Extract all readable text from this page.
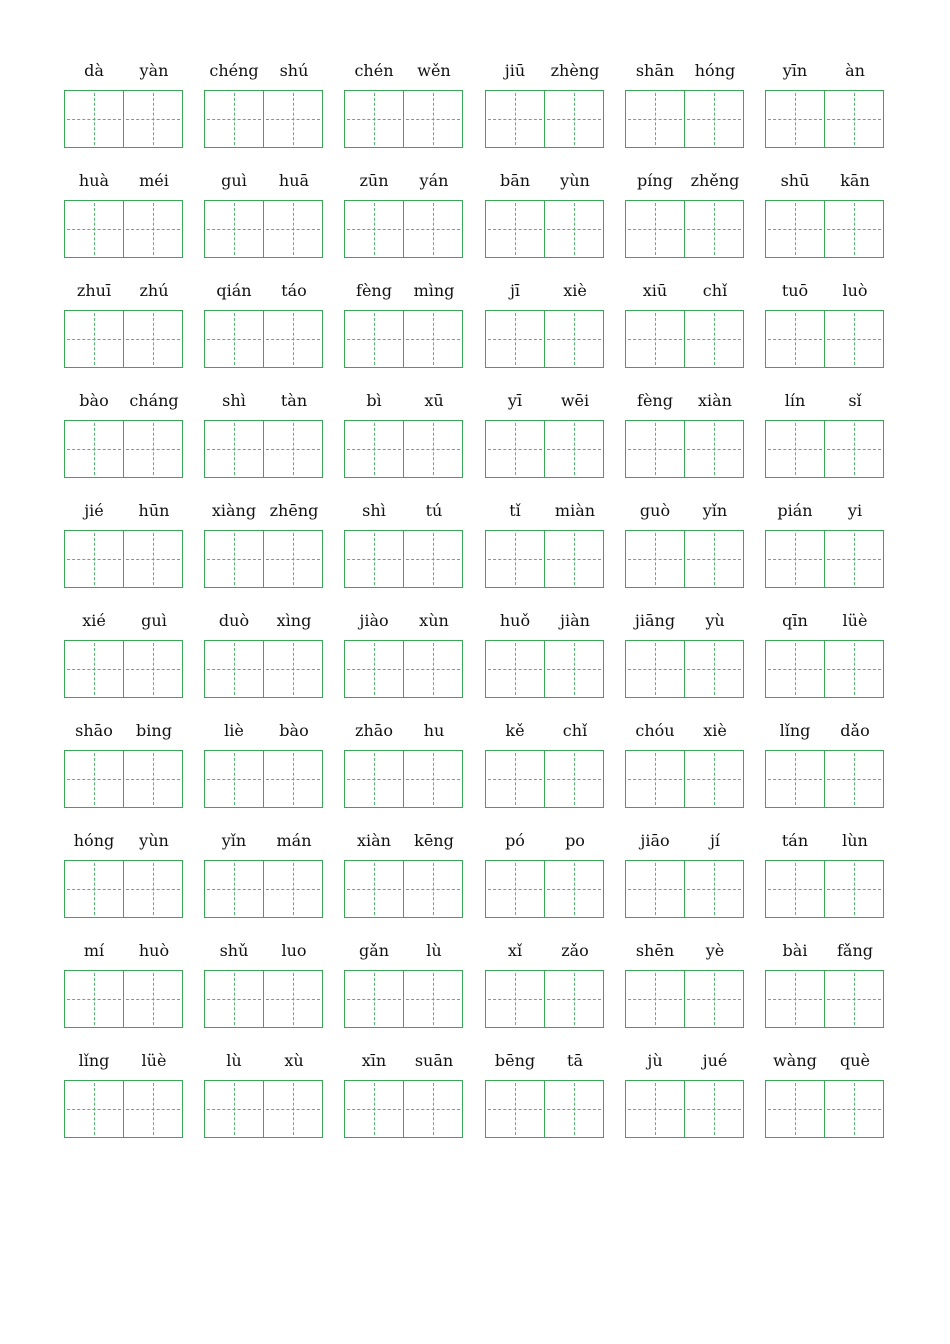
dà	yàn	chéng	shú	chén	wěn	jiū	zhèng	shān	hóng	yīn	àn
huà	méi	guì	huā	zūn	yán	bān	yùn	píng	zhěng	shū	kān
zhuī	zhú	qián	táo	fèng	mìng	jī	xiè	xiū	chǐ	tuō	luò
bào	cháng	shì	tàn	bì	xū	yī	wēi	fèng	xiàn	lín	sǐ
jié	hūn	xiàng zhēng	shì	tú	tǐ	miàn	guò	yǐn	pián	yi
xié	guì	duò	xìng	jiào	xùn	huǒ	jiàn	jiāng	yù	qīn	lüè
shāo	bing	liè	bào	zhāo	hu	kě	chǐ	chóu	xiè	lǐng	dǎo
hóng	yùn	yǐn	mán	xiàn	kēng	pó	po	jiāo	jí	tán	lùn
mí	huò	shǔ	luo	gǎn	lù	xǐ	zǎo	shēn	yè	bài	fǎng
lǐng	lüè	lù	xù	xīn	suān	bēng	tā	jù	jué	wàng	què
